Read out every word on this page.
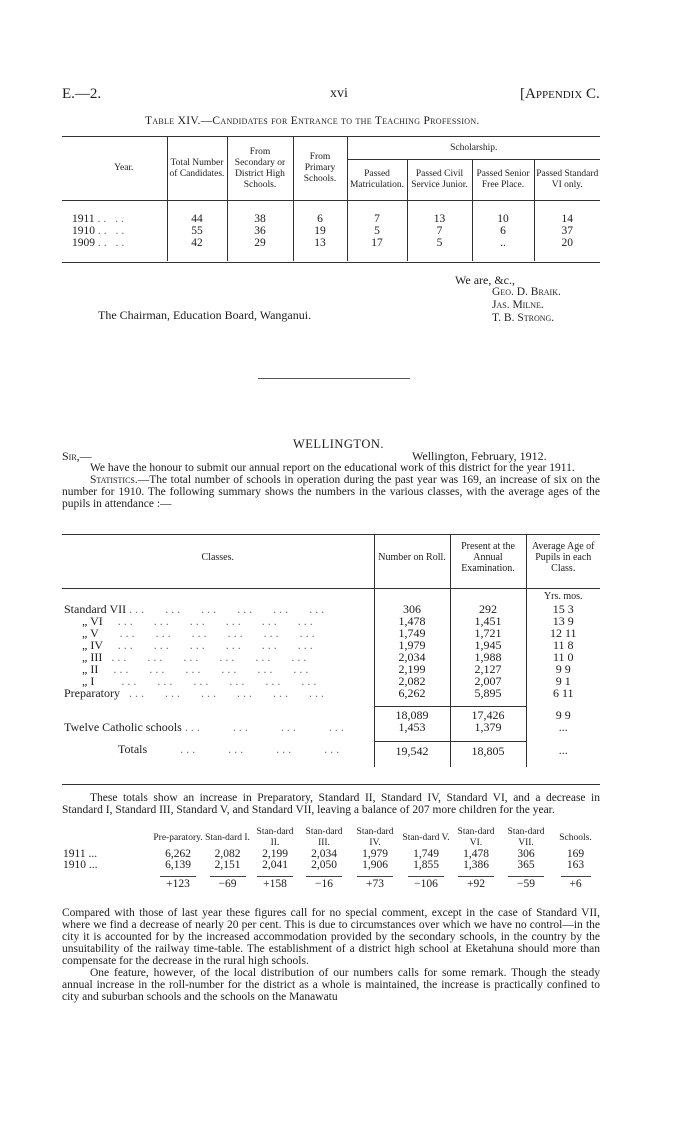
E.—2.	xvi	[Appendix C.
Table XIV.—Candidates for Entrance to the Teaching Profession.
Year.	Total Number of Candidates.	From Secondary or District High Schools.	From Primary Schools.	Scholarship.			
				Passed Matriculation.	Passed Civil Service Junior.	Passed Senior Free Place.	Passed Standard VI only.

1911 .. ..	44	38	6	7	13	10	14
1910 .. ..	55	36	19	5	7	6	37
1909 .. ..	42	29	13	17	5	..	20

We are, &c.,
Geo. D. Braik.
Jas. Milne.
T. B. Strong.
The Chairman, Education Board, Wanganui.
WELLINGTON.
Sir,—	Wellington, February, 1912.

We have the honour to submit our annual report on the educational work of this district for the year 1911.

Statistics.—The total number of schools in operation during the past year was 169, an increase of six on the number for 1910. The following summary shows the numbers in the various classes, with the average ages of the pupils in attendance :—

Classes.	Number on Roll.	Present at the Annual Examination.	Average Age of Pupils in each Class.
			Yrs. mos.
Standard VII ...   ...   ...   ...   ...   ...	306	292	15 3
„ VI   ...   ...   ...   ...   ...   ...	1,478	1,451	13 9
„ V    ...   ...   ...   ...   ...   ...	1,749	1,721	12 11
„ IV   ...   ...   ...   ...   ...   ...	1,979	1,945	11 8
„ III  ...   ...   ...   ...   ...   ...	2,034	1,988	11 0
„ II   ...   ...   ...   ...   ...   ...	2,199	2,127	9 9
„ I     ...   ...   ...   ...   ...   ...	2,082	2,007	9 1
Preparatory  ...   ...   ...   ...   ...   ...	6,262	5,895	6 11

	18,089	17,426	9 9
Twelve Catholic schools ...     ...     ...     ...	1,453	1,379	...

Totals      ...     ...     ...     ...	19,542	18,805	...

These totals show an increase in Preparatory, Standard II, Standard IV, Standard VI, and a decrease in Standard I, Standard III, Standard V, and Standard VII, leaving a balance of 207 more children for the year.

	Pre-paratory.	Stan-dard I.	Stan-dard II.	Stan-dard III.	Stan-dard IV.	Stan-dard V.	Stan-dard VI.	Stan-dard VII.	Schools.
1911 ...	6,262	2,082	2,199	2,034	1,979	1,749	1,478	306	169
1910 ...	6,139	2,151	2,041	2,050	1,906	1,855	1,386	365	163

	+123	−69	+158	−16	+73	−106	+92	−59	+6

Compared with those of last year these figures call for no special comment, except in the case of Standard VII, where we find a decrease of nearly 20 per cent. This is due to circumstances over which we have no control—in the city it is accounted for by the increased accommodation provided by the secondary schools, in the country by the unsuitability of the railway time-table. The establishment of a district high school at Eketahuna should more than compensate for the decrease in the rural high schools.

One feature, however, of the local distribution of our numbers calls for some remark. Though the steady annual increase in the roll-number for the district as a whole is maintained, the increase is practically confined to city and suburban schools and the schools on the Manawatu
